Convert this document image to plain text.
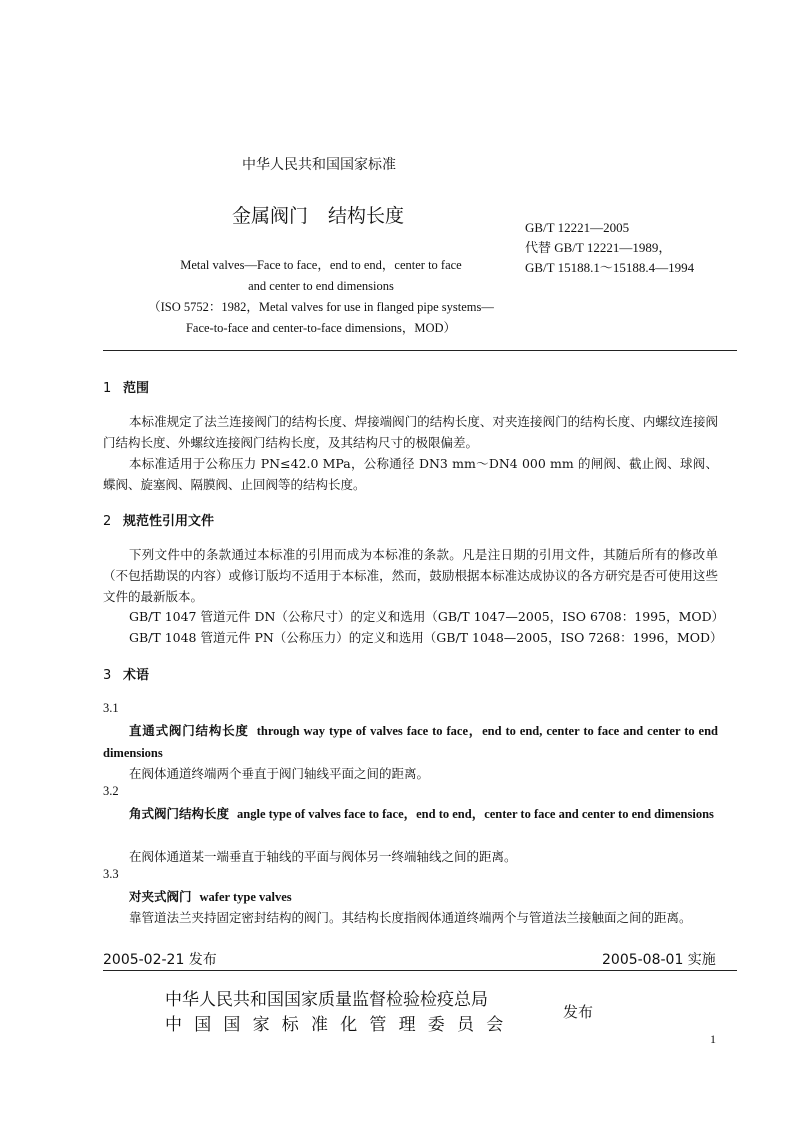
中华人民共和国国家标准
金属阀门 结构长度
GB/T 12221—2005
代替 GB/T 12221—1989，
GB/T 15188.1～15188.4—1994
Metal valves—Face to face，end to end，center to face and center to end dimensions
（ISO 5752：1982，Metal valves for use in flanged pipe systems—Face-to-face and center-to-face dimensions，MOD）
1 范围
本标准规定了法兰连接阀门的结构长度、焊接端阀门的结构长度、对夹连接阀门的结构长度、内螺纹连接阀门结构长度、外螺纹连接阀门结构长度，及其结构尺寸的极限偏差。
本标准适用于公称压力 PN≤42.0 MPa，公称通径 DN3 mm～DN4 000 mm 的闸阀、截止阀、球阀、蝶阀、旋塞阀、隔膜阀、止回阀等的结构长度。
2 规范性引用文件
下列文件中的条款通过本标准的引用而成为本标准的条款。凡是注日期的引用文件，其随后所有的修改单（不包括勘误的内容）或修订版均不适用于本标准，然而，鼓励根据本标准达成协议的各方研究是否可使用这些文件的最新版本。
GB/T 1047 管道元件 DN（公称尺寸）的定义和选用（GB/T 1047—2005，ISO 6708：1995，MOD）
GB/T 1048 管道元件 PN（公称压力）的定义和选用（GB/T 1048—2005，ISO 7268：1996，MOD）
3 术语
3.1
直通式阀门结构长度 through way type of valves face to face，end to end, center to face and center to end dimensions
在阀体通道终端两个垂直于阀门轴线平面之间的距离。
3.2
角式阀门结构长度 angle type of valves face to face，end to end，center to face and center to end dimensions
在阀体通道某一端垂直于轴线的平面与阀体另一终端轴线之间的距离。
3.3
对夹式阀门 wafer type valves
靠管道法兰夹持固定密封结构的阀门。其结构长度指阀体通道终端两个与管道法兰接触面之间的距离。
2005-02-21 发布	2005-08-01 实施
中华人民共和国国家质量监督检验检疫总局
中国国家标准化管理委员会
发布
1
